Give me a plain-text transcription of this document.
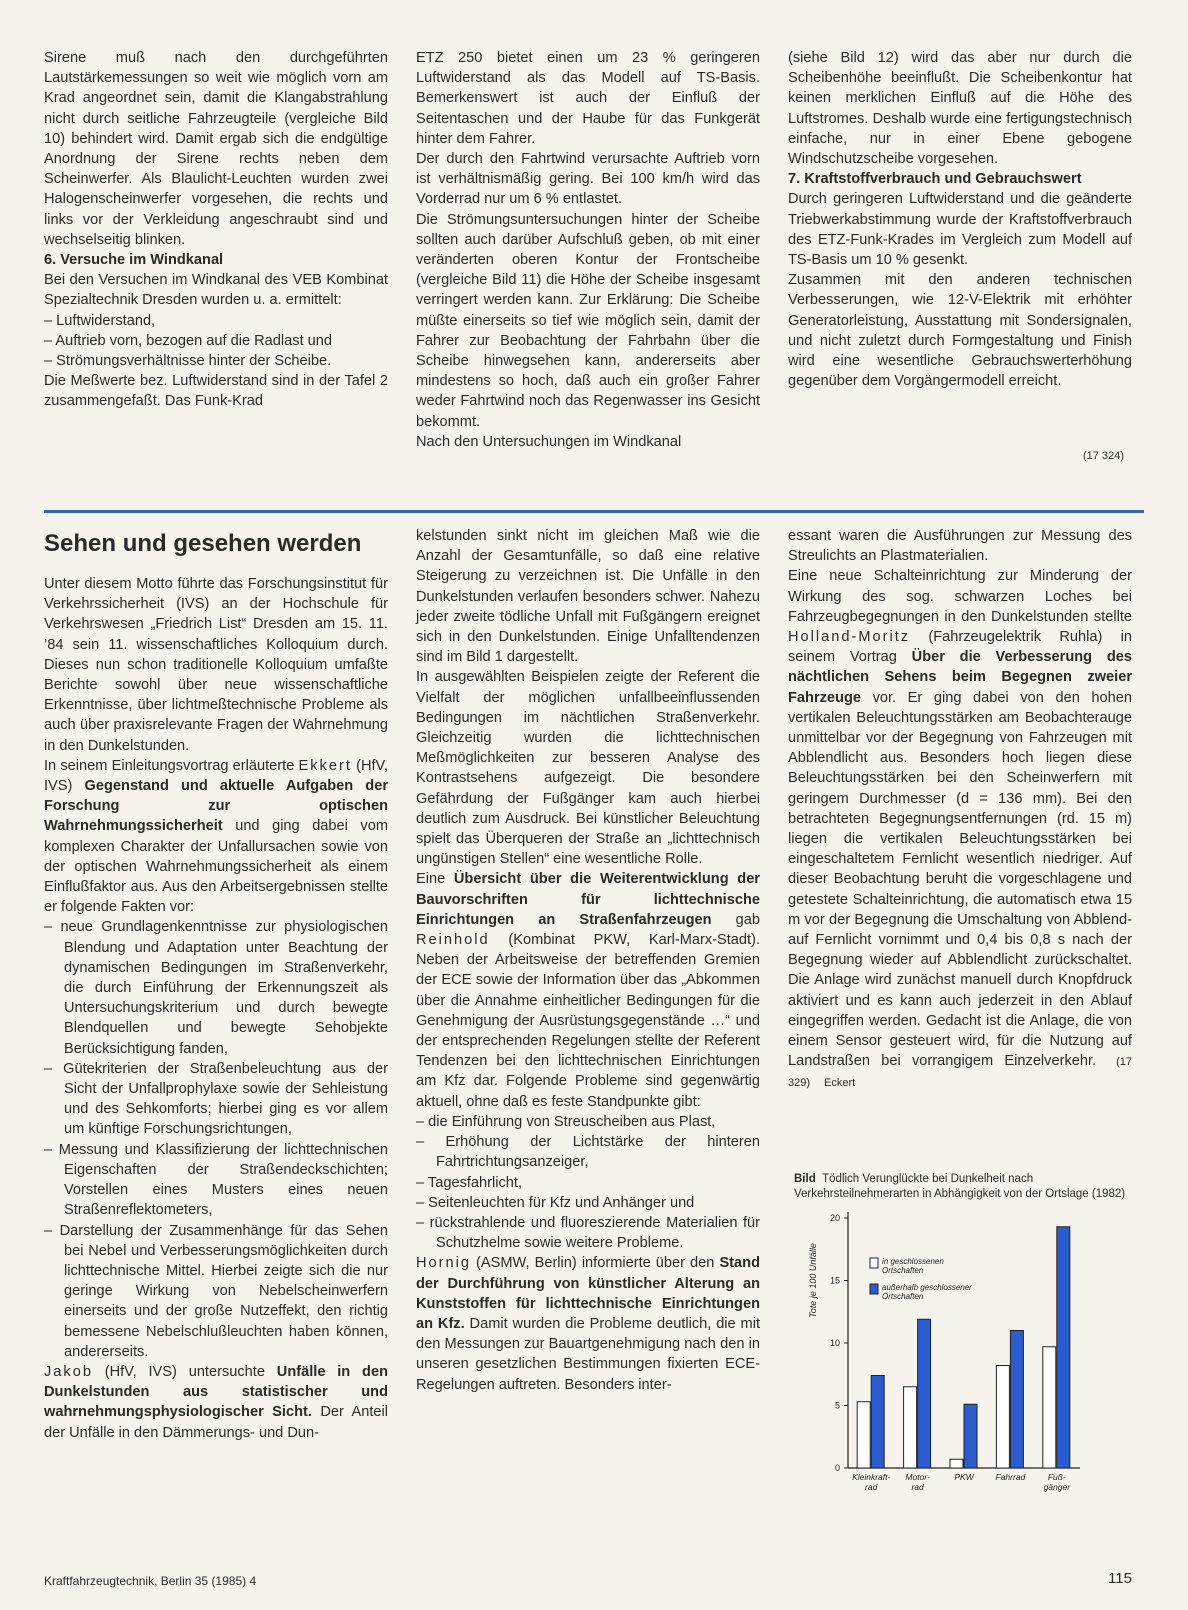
Sirene muß nach den durchgeführten Lautstärkemessungen so weit wie möglich vorn am Krad angeordnet sein, damit die Klangabstrahlung nicht durch seitliche Fahrzeugteile (vergleiche Bild 10) behindert wird. Damit ergab sich die endgültige Anordnung der Sirene rechts neben dem Scheinwerfer. Als Blaulicht-Leuchten wurden zwei Halogenscheinwerfer vorgesehen, die rechts und links vor der Verkleidung angeschraubt sind und wechselseitig blinken.

6. Versuche im Windkanal

Bei den Versuchen im Windkanal des VEB Kombinat Spezialtechnik Dresden wurden u. a. ermittelt:

– Luftwiderstand,
– Auftrieb vorn, bezogen auf die Radlast und
– Strömungsverhältnisse hinter der Scheibe.

Die Meßwerte bez. Luftwiderstand sind in der Tafel 2 zusammengefaßt. Das Funk-Krad

ETZ 250 bietet einen um 23 % geringeren Luftwiderstand als das Modell auf TS-Basis. Bemerkenswert ist auch der Einfluß der Seitentaschen und der Haube für das Funkgerät hinter dem Fahrer.

Der durch den Fahrtwind verursachte Auftrieb vorn ist verhältnismäßig gering. Bei 100 km/h wird das Vorderrad nur um 6 % entlastet.

Die Strömungsuntersuchungen hinter der Scheibe sollten auch darüber Aufschluß geben, ob mit einer veränderten oberen Kontur der Frontscheibe (vergleiche Bild 11) die Höhe der Scheibe insgesamt verringert werden kann. Zur Erklärung: Die Scheibe müßte einerseits so tief wie möglich sein, damit der Fahrer zur Beobachtung der Fahrbahn über die Scheibe hinwegsehen kann, andererseits aber mindestens so hoch, daß auch ein großer Fahrer weder Fahrtwind noch das Regenwasser ins Gesicht bekommt.

Nach den Untersuchungen im Windkanal

(siehe Bild 12) wird das aber nur durch die Scheibenhöhe beeinflußt. Die Scheibenkontur hat keinen merklichen Einfluß auf die Höhe des Luftstromes. Deshalb wurde eine fertigungstechnisch einfache, nur in einer Ebene gebogene Windschutzscheibe vorgesehen.

7. Kraftstoffverbrauch und Gebrauchswert

Durch geringeren Luftwiderstand und die geänderte Triebwerkabstimmung wurde der Kraftstoffverbrauch des ETZ-Funk-Krades im Vergleich zum Modell auf TS-Basis um 10 % gesenkt.

Zusammen mit den anderen technischen Verbesserungen, wie 12-V-Elektrik mit erhöhter Generatorleistung, Ausstattung mit Sondersignalen, und nicht zuletzt durch Formgestaltung und Finish wird eine wesentliche Gebrauchswerterhöhung gegenüber dem Vorgängermodell erreicht.

(17 324)
Sehen und gesehen werden

Unter diesem Motto führte das Forschungsinstitut für Verkehrssicherheit (IVS) an der Hochschule für Verkehrswesen „Friedrich List“ Dresden am 15. 11. ’84 sein 11. wissenschaftliches Kolloquium durch. Dieses nun schon traditionelle Kolloquium umfaßte Berichte sowohl über neue wissenschaftliche Erkenntnisse, über lichtmeßtechnische Probleme als auch über praxisrelevante Fragen der Wahrnehmung in den Dunkelstunden.

In seinem Einleitungsvortrag erläuterte Ekkert (HfV, IVS) Gegenstand und aktuelle Aufgaben der Forschung zur optischen Wahrnehmungssicherheit und ging dabei vom komplexen Charakter der Unfallursachen sowie von der optischen Wahrnehmungssicherheit als einem Einflußfaktor aus. Aus den Arbeitsergebnissen stellte er folgende Fakten vor:

– neue Grundlagenkenntnisse zur physiologischen Blendung und Adaptation unter Beachtung der dynamischen Bedingungen im Straßenverkehr, die durch Einführung der Erkennungszeit als Untersuchungskriterium und durch bewegte Blendquellen und bewegte Sehobjekte Berücksichtigung fanden,
– Gütekriterien der Straßenbeleuchtung aus der Sicht der Unfallprophylaxe sowie der Sehleistung und des Sehkomforts; hierbei ging es vor allem um künftige Forschungsrichtungen,
– Messung und Klassifizierung der lichttechnischen Eigenschaften der Straßendeckschichten; Vorstellen eines Musters eines neuen Straßenreflektometers,
– Darstellung der Zusammenhänge für das Sehen bei Nebel und Verbesserungsmöglichkeiten durch lichttechnische Mittel. Hierbei zeigte sich die nur geringe Wirkung von Nebelscheinwerfern einerseits und der große Nutzeffekt, den richtig bemessene Nebelschlußleuchten haben können, andererseits.

Jakob (HfV, IVS) untersuchte Unfälle in den Dunkelstunden aus statistischer und wahrnehmungsphysiologischer Sicht. Der Anteil der Unfälle in den Dämmerungs- und Dun-

kelstunden sinkt nicht im gleichen Maß wie die Anzahl der Gesamtunfälle, so daß eine relative Steigerung zu verzeichnen ist. Die Unfälle in den Dunkelstunden verlaufen besonders schwer. Nahezu jeder zweite tödliche Unfall mit Fußgängern ereignet sich in den Dunkelstunden. Einige Unfalltendenzen sind im Bild 1 dargestellt.

In ausgewählten Beispielen zeigte der Referent die Vielfalt der möglichen unfallbeeinflussenden Bedingungen im nächtlichen Straßenverkehr. Gleichzeitig wurden die lichttechnischen Meßmöglichkeiten zur besseren Analyse des Kontrastsehens aufgezeigt. Die besondere Gefährdung der Fußgänger kam auch hierbei deutlich zum Ausdruck. Bei künstlicher Beleuchtung spielt das Überqueren der Straße an „lichttechnisch ungünstigen Stellen“ eine wesentliche Rolle.

Eine Übersicht über die Weiterentwicklung der Bauvorschriften für lichttechnische Einrichtungen an Straßenfahrzeugen gab Reinhold (Kombinat PKW, Karl-Marx-Stadt). Neben der Arbeitsweise der betreffenden Gremien der ECE sowie der Information über das „Abkommen über die Annahme einheitlicher Bedingungen für die Genehmigung der Ausrüstungsgegenstände …“ und der entsprechenden Regelungen stellte der Referent Tendenzen bei den lichttechnischen Einrichtungen am Kfz dar. Folgende Probleme sind gegenwärtig aktuell, ohne daß es feste Standpunkte gibt:

– die Einführung von Streuscheiben aus Plast,
– Erhöhung der Lichtstärke der hinteren Fahrtrichtungsanzeiger,
– Tagesfahrlicht,
– Seitenleuchten für Kfz und Anhänger und
– rückstrahlende und fluoreszierende Materialien für Schutzhelme sowie weitere Probleme.

Hornig (ASMW, Berlin) informierte über den Stand der Durchführung von künstlicher Alterung an Kunststoffen für lichttechnische Einrichtungen an Kfz. Damit wurden die Probleme deutlich, die mit den Messungen zur Bauartgenehmigung nach den in unseren gesetzlichen Bestimmungen fixierten ECE-Regelungen auftreten. Besonders inter-

essant waren die Ausführungen zur Messung des Streulichts an Plastmaterialien.

Eine neue Schalteinrichtung zur Minderung der Wirkung des sog. schwarzen Loches bei Fahrzeugbegegnungen in den Dunkelstunden stellte Holland-Moritz (Fahrzeugelektrik Ruhla) in seinem Vortrag Über die Verbesserung des nächtlichen Sehens beim Begegnen zweier Fahrzeuge vor. Er ging dabei von den hohen vertikalen Beleuchtungsstärken am Beobachterauge unmittelbar vor der Begegnung von Fahrzeugen mit Abblendlicht aus. Besonders hoch liegen diese Beleuchtungsstärken bei den Scheinwerfern mit geringem Durchmesser (d = 136 mm). Bei den betrachteten Begegnungsentfernungen (rd. 15 m) liegen die vertikalen Beleuchtungsstärken bei eingeschaltetem Fernlicht wesentlich niedriger. Auf dieser Beobachtung beruht die vorgeschlagene und getestete Schalteinrichtung, die automatisch etwa 15 m vor der Begegnung die Umschaltung von Abblend- auf Fernlicht vornimmt und 0,4 bis 0,8 s nach der Begegnung wieder auf Abblendlicht zurückschaltet. Die Anlage wird zunächst manuell durch Knopfdruck aktiviert und es kann auch jederzeit in den Ablauf eingegriffen werden. Gedacht ist die Anlage, die von einem Sensor gesteuert wird, für die Nutzung auf Landstraßen bei vorrangigem Einzelverkehr. (17 329) Eckert

Bild Tödlich Verunglückte bei Dunkelheit nach Verkehrsteilnehmerarten in Abhängigkeit von der Ortslage (1982)
0
5
10
15
20
Tote je 100 Unfälle
Kleinkraft-
rad
Motor-
rad
PKW	Fahrrad	Fuß-
gänger
in geschlossenen
Ortschaften
außerhalb geschlossener
Ortschaften
Kraftfahrzeugtechnik, Berlin 35 (1985) 4	115
